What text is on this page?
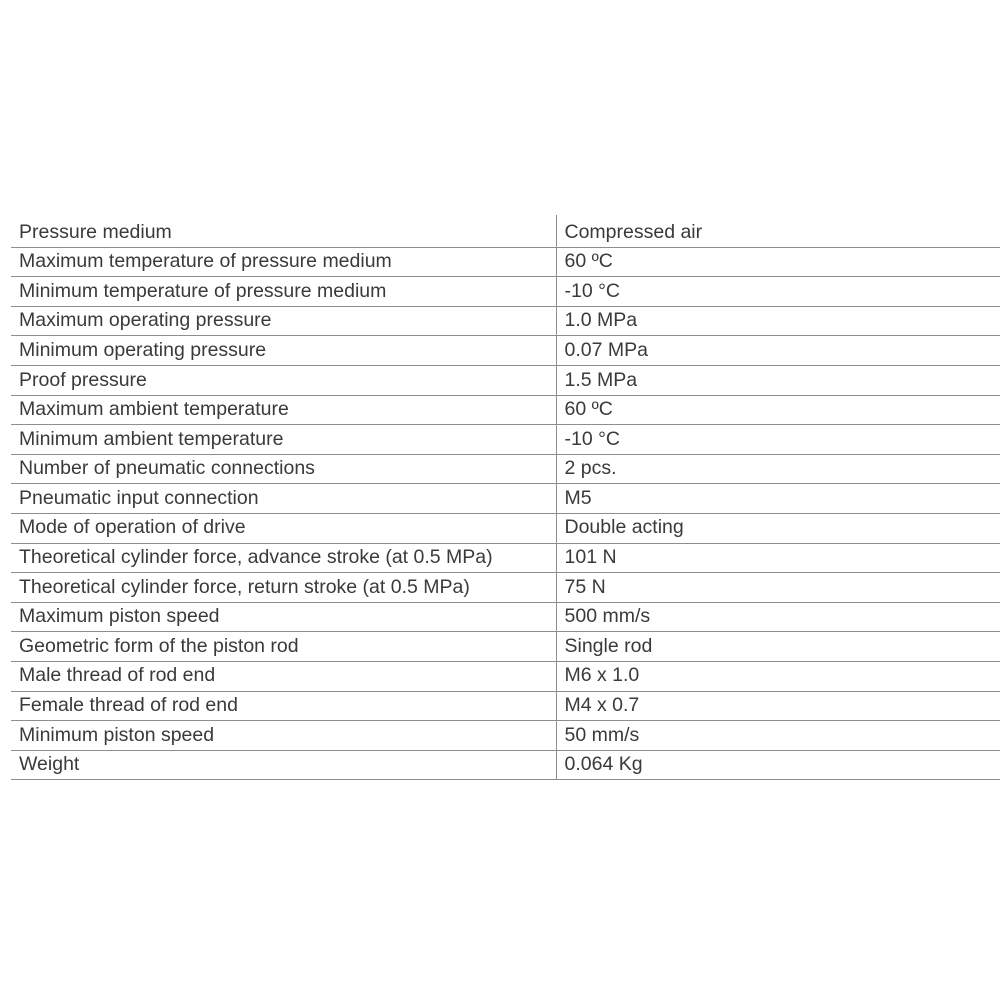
Pressure medium	Compressed air
Maximum temperature of pressure medium	60 ºC
Minimum temperature of pressure medium	-10 °C
Maximum operating pressure	1.0 MPa
Minimum operating pressure	0.07 MPa
Proof pressure	1.5 MPa
Maximum ambient temperature	60 ºC
Minimum ambient temperature	-10 °C
Number of pneumatic connections	2 pcs.
Pneumatic input connection	M5
Mode of operation of drive	Double acting
Theoretical cylinder force, advance stroke (at 0.5 MPa)	101 N
Theoretical cylinder force, return stroke (at 0.5 MPa)	75 N
Maximum piston speed	500 mm/s
Geometric form of the piston rod	Single rod
Male thread of rod end	M6 x 1.0
Female thread of rod end	M4 x 0.7
Minimum piston speed	50 mm/s
Weight	0.064 Kg
